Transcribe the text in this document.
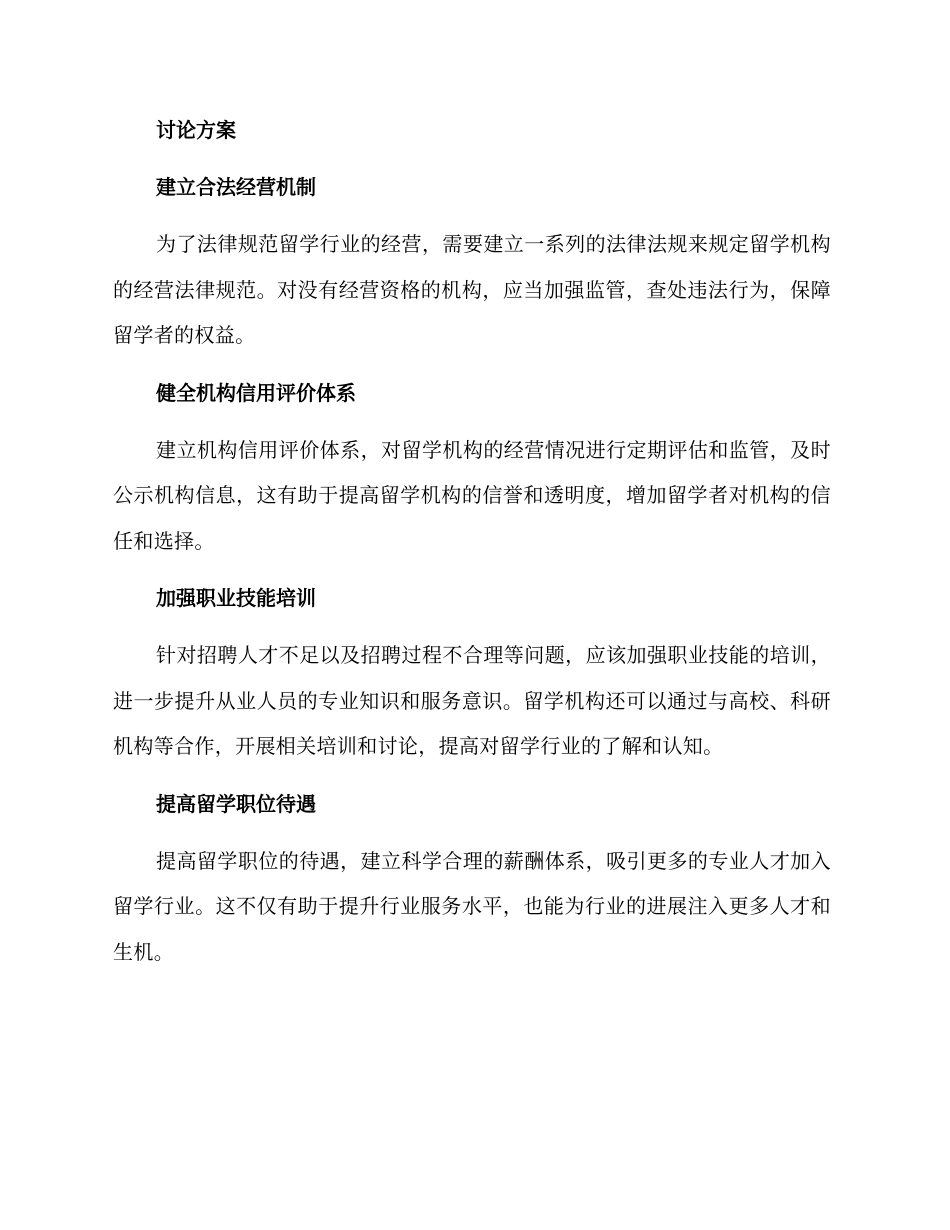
讨论方案
建立合法经营机制

为了法律规范留学行业的经营，需要建立一系列的法律法规来规定留学机构的经营法律规范。对没有经营资格的机构，应当加强监管，查处违法行为，保障留学者的权益。

健全机构信用评价体系

建立机构信用评价体系，对留学机构的经营情况进行定期评估和监管，及时公示机构信息，这有助于提高留学机构的信誉和透明度，增加留学者对机构的信任和选择。

加强职业技能培训

针对招聘人才不足以及招聘过程不合理等问题，应该加强职业技能的培训，进一步提升从业人员的专业知识和服务意识。留学机构还可以通过与高校、科研机构等合作，开展相关培训和讨论，提高对留学行业的了解和认知。

提高留学职位待遇

提高留学职位的待遇，建立科学合理的薪酬体系，吸引更多的专业人才加入留学行业。这不仅有助于提升行业服务水平，也能为行业的进展注入更多人才和生机。
